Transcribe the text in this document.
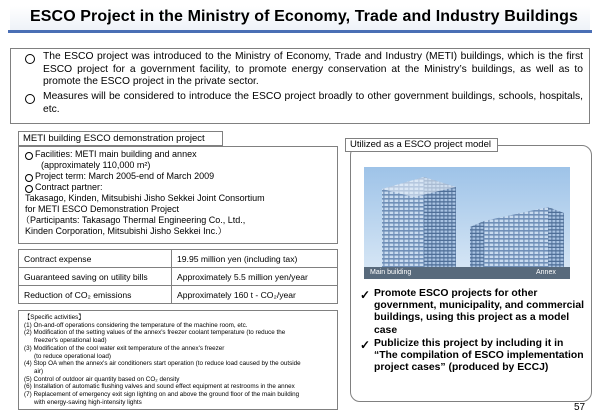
ESCO Project in the Ministry of Economy, Trade and Industry Buildings
The ESCO project was introduced to the Ministry of Economy, Trade and Industry (METI) buildings, which is the first ESCO project for a government facility, to promote energy conservation at the Ministry’s buildings, as well as to promote the ESCO project in the private sector.
Measures will be considered to introduce the ESCO project broadly to other government buildings, schools, hospitals, etc.
METI building ESCO demonstration project
Facilities: METI main building and annex
(approximately 110,000 m²)
Project term: March 2005-end of March 2009
Contract partner:
Takasago, Kinden, Mitsubishi Jisho Sekkei Joint Consortium
for METI ESCO Demonstration Project
（Participants: Takasago Thermal Engineering Co., Ltd.,
Kinden Corporation, Mitsubishi Jisho Sekkei Inc.）
Contract expense	19.95 million yen (including tax)
Guaranteed saving on utility bills	Approximately 5.5 million yen/year
Reduction of CO₂ emissions	Approximately 160 t - CO₂/year
【Specific activities】
(1) On-and-off operations considering the temperature of the machine room, etc.
(2) Modification of the setting values of the annex's freezer coolant temperature (to reduce the
freezer's operational load)
(3) Modification of the cool water exit temperature of the annex's freezer
(to reduce operational load)
(4) Stop OA when the annex's air conditioners start operation (to reduce load caused by the outside
air)
(5) Control of outdoor air quantity based on CO₂ density
(6) Installation of automatic flushing valves and sound effect equipment at restrooms in the annex
(7) Replacement of emergency exit sign lighting on and above the ground floor of the main building
with energy-saving high-intensity lights
Utilized as a ESCO project model
Main building	Annex
✓ Promote ESCO projects for other government, municipality, and commercial buildings, using this project as a model case
✓ Publicize this project by including it in “The compilation of ESCO implementation project cases” (produced by ECCJ)
57
